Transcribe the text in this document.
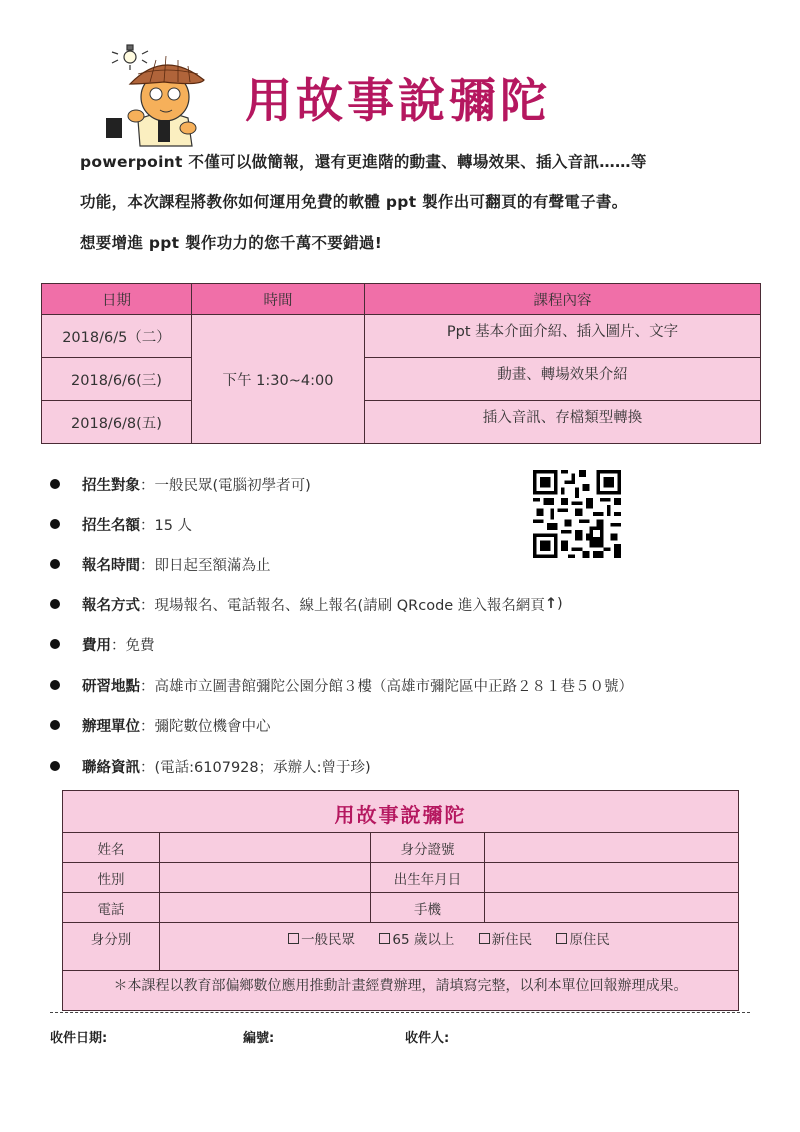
用故事說彌陀
powerpoint 不僅可以做簡報，還有更進階的動畫、轉場效果、插入音訊……等
功能，本次課程將教你如何運用免費的軟體 ppt 製作出可翻頁的有聲電子書。
想要增進 ppt 製作功力的您千萬不要錯過!
日期	時間	課程內容
2018/6/5（二）	下午 1:30~4:00	Ppt 基本介面介紹、插入圖片、文字
2018/6/6(三)		動畫、轉場效果介紹
2018/6/8(五)		插入音訊、存檔類型轉換
招生對象 ：一般民眾(電腦初學者可)
招生名額 ：15 人
報名時間 ：即日起至額滿為止
報名方式 ：現場報名、電話報名、線上報名(請刷 QRcode 進入報名網頁 ↑ )
費用 ：免費
研習地點 ：高雄市立圖書館彌陀公園分館３樓（高雄市彌陀區中正路２８１巷５０號）
辦理單位 ：彌陀數位機會中心
聯絡資訊 ：(電話:6107928；承辦人:曾于珍)
用故事說彌陀			
姓名		身分證號	
性別		出生年月日	
電話		手機	
身分別	一般民眾 65 歲以上 新住民 原住民		
＊本課程以教育部偏鄉數位應用推動計畫經費辦理，請填寫完整，以利本單位回報辦理成果。			
收件日期:	編號:	收件人:
